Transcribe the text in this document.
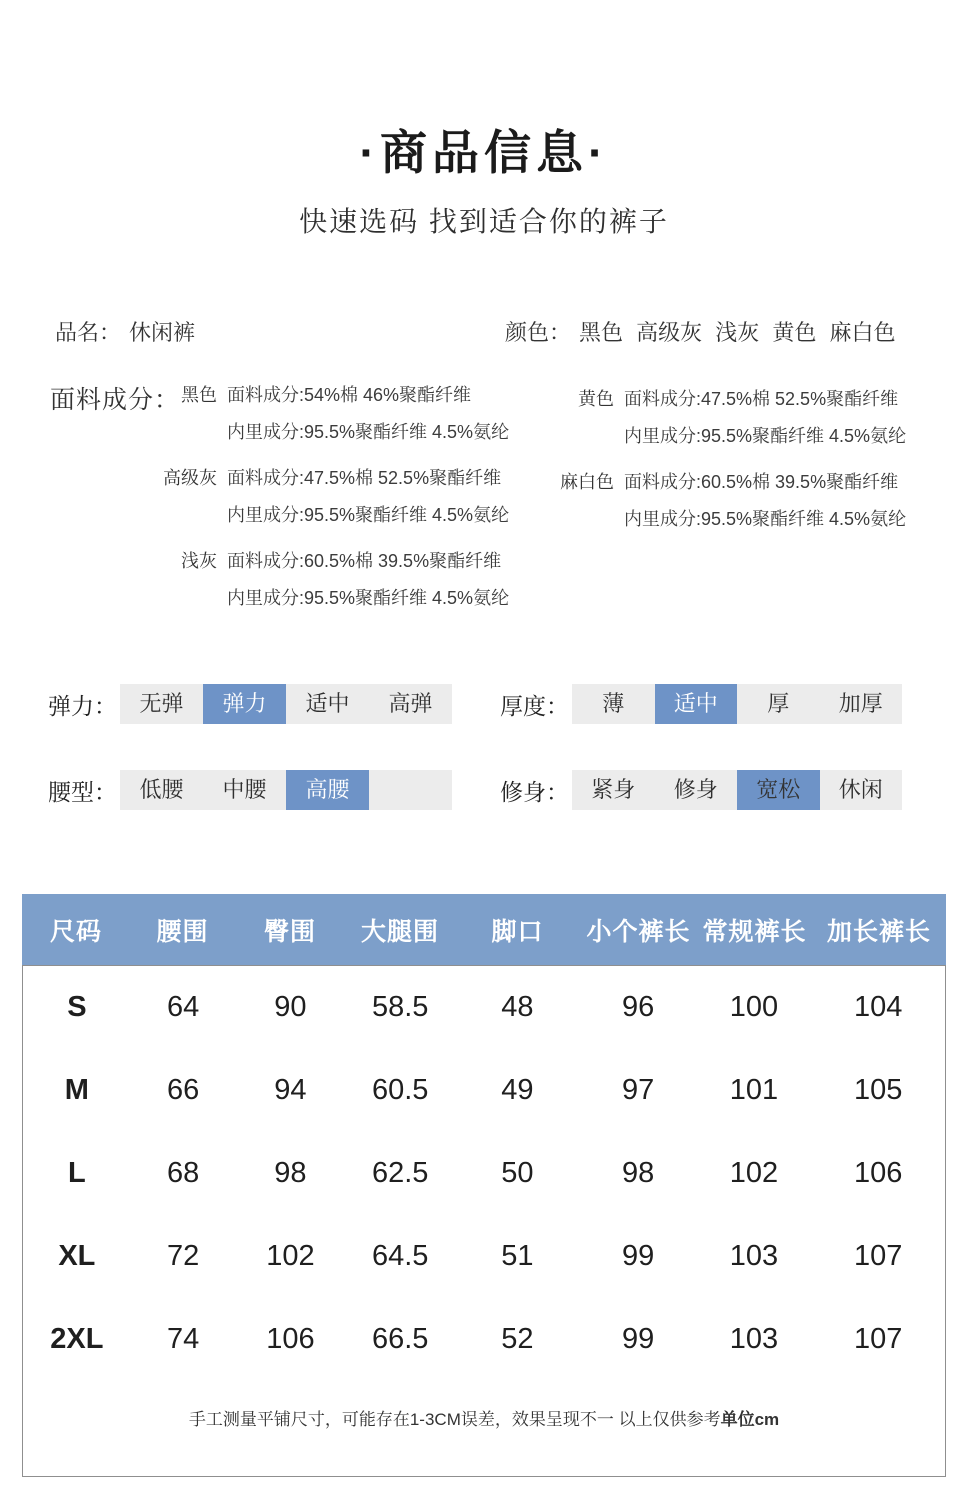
·商品信息·
快速选码 找到适合你的裤子
品名： 休闲裤	颜色： 黑色 高级灰 浅灰 黄色 麻白色
面料成分： 黑色 面料成分:54%棉 46%聚酯纤维
内里成分:95.5%聚酯纤维 4.5%氨纶
高级灰 面料成分:47.5%棉 52.5%聚酯纤维
内里成分:95.5%聚酯纤维 4.5%氨纶
浅灰 面料成分:60.5%棉 39.5%聚酯纤维
内里成分:95.5%聚酯纤维 4.5%氨纶
黄色 面料成分:47.5%棉 52.5%聚酯纤维
内里成分:95.5%聚酯纤维 4.5%氨纶
麻白色 面料成分:60.5%棉 39.5%聚酯纤维
内里成分:95.5%聚酯纤维 4.5%氨纶
弹力：	无弹	弹力	适中	高弹	厚度：	薄	适中	厚	加厚
腰型：	低腰	中腰	高腰	修身：	紧身	修身	宽松	休闲
尺码	腰围	臀围	大腿围	脚口	小个裤长 常规裤长 加长裤长
S	64	90	58.5	48	96	100	104
M	66	94	60.5	49	97	101	105
L	68	98	62.5	50	98	102	106
XL	72	102	64.5	51	99	103	107
2XL	74	106	66.5	52	99	103	107
手工测量平铺尺寸，可能存在1-3CM误差，效果呈现不一 以上仅供参考单位cm
